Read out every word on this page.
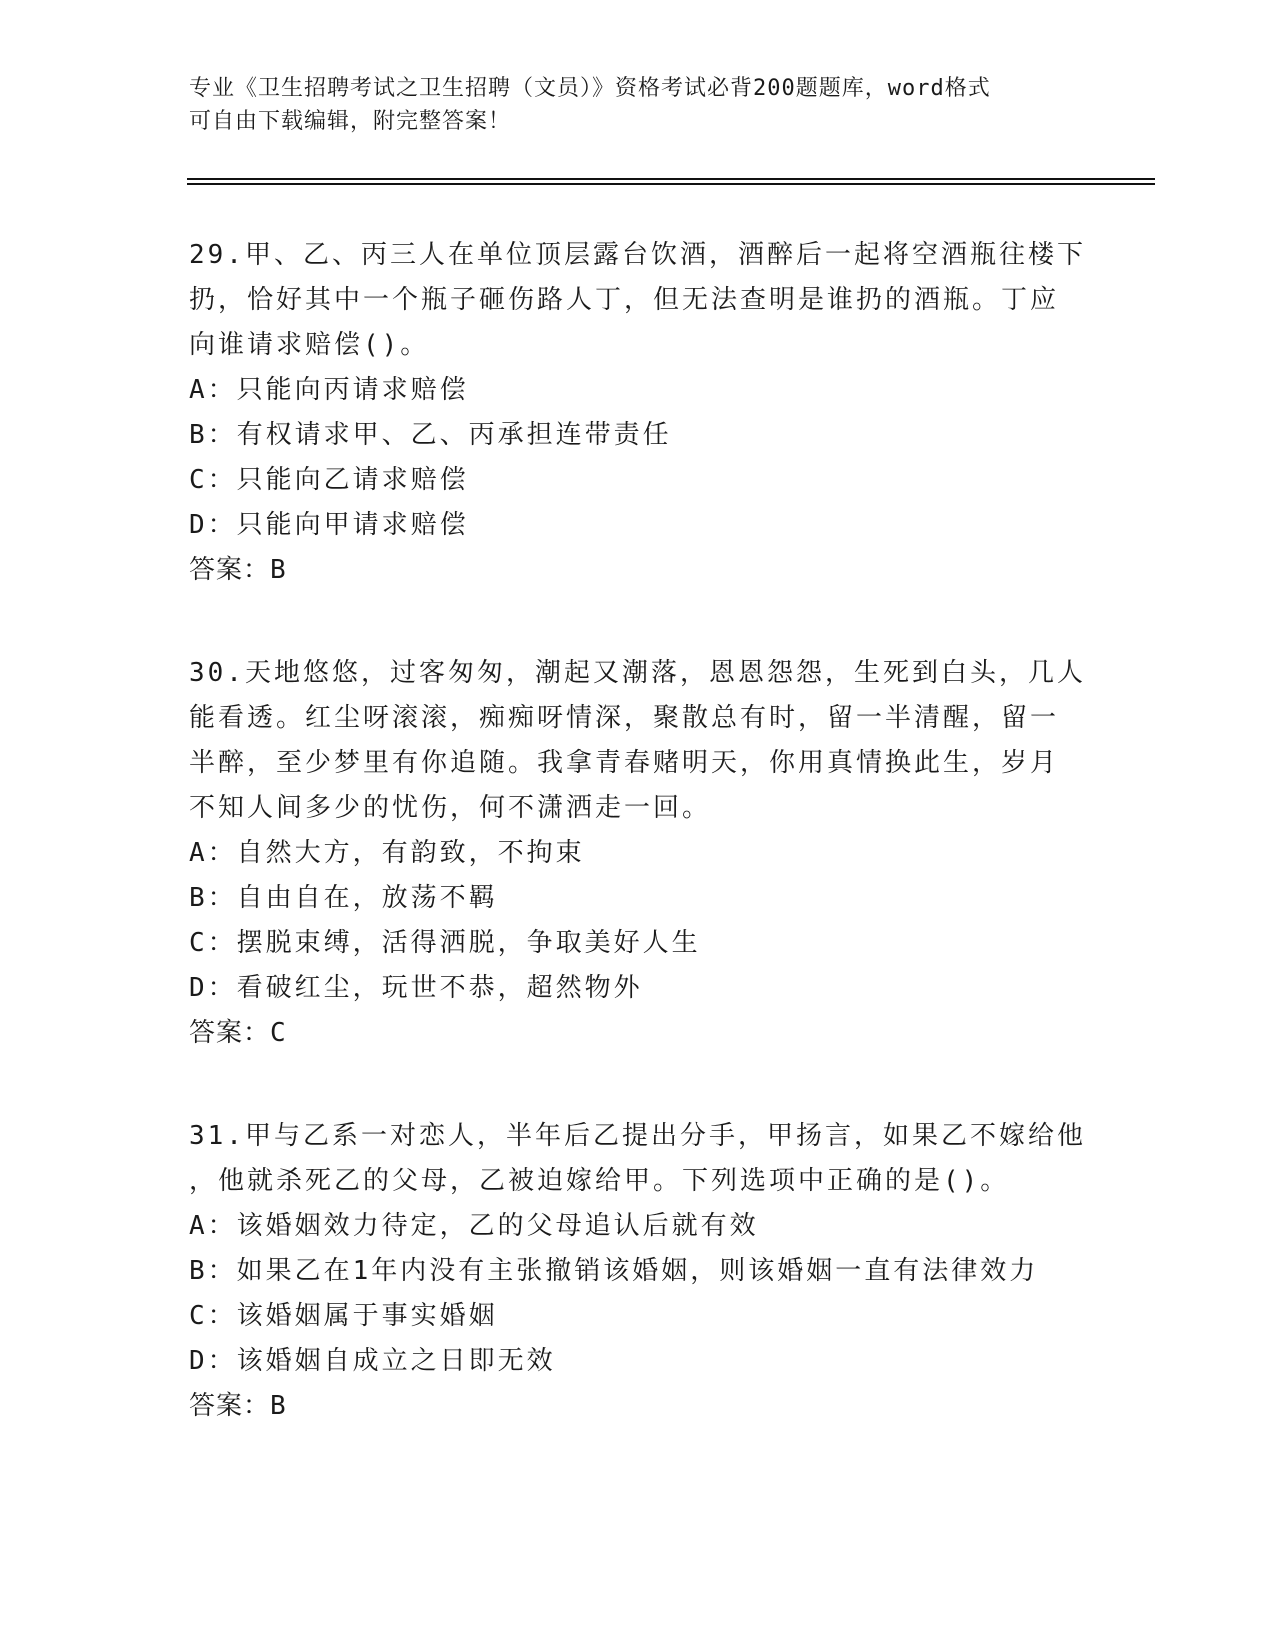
专业《卫生招聘考试之卫生招聘（文员）》资格考试必背200题题库，word格式
可自由下载编辑，附完整答案！
29.甲、乙、丙三人在单位顶层露台饮酒，酒醉后一起将空酒瓶往楼下
扔，恰好其中一个瓶子砸伤路人丁，但无法查明是谁扔的酒瓶。丁应
向谁请求赔偿()。
A：只能向丙请求赔偿
B：有权请求甲、乙、丙承担连带责任
C：只能向乙请求赔偿
D：只能向甲请求赔偿
答案：B
30.天地悠悠，过客匆匆，潮起又潮落，恩恩怨怨，生死到白头，几人
能看透。红尘呀滚滚，痴痴呀情深，聚散总有时，留一半清醒，留一
半醉，至少梦里有你追随。我拿青春赌明天，你用真情换此生，岁月
不知人间多少的忧伤，何不潇洒走一回。
A：自然大方，有韵致，不拘束
B：自由自在，放荡不羁
C：摆脱束缚，活得洒脱，争取美好人生
D：看破红尘，玩世不恭，超然物外
答案：C
31.甲与乙系一对恋人，半年后乙提出分手，甲扬言，如果乙不嫁给他
，他就杀死乙的父母，乙被迫嫁给甲。下列选项中正确的是()。
A：该婚姻效力待定，乙的父母追认后就有效
B：如果乙在1年内没有主张撤销该婚姻，则该婚姻一直有法律效力
C：该婚姻属于事实婚姻
D：该婚姻自成立之日即无效
答案：B
